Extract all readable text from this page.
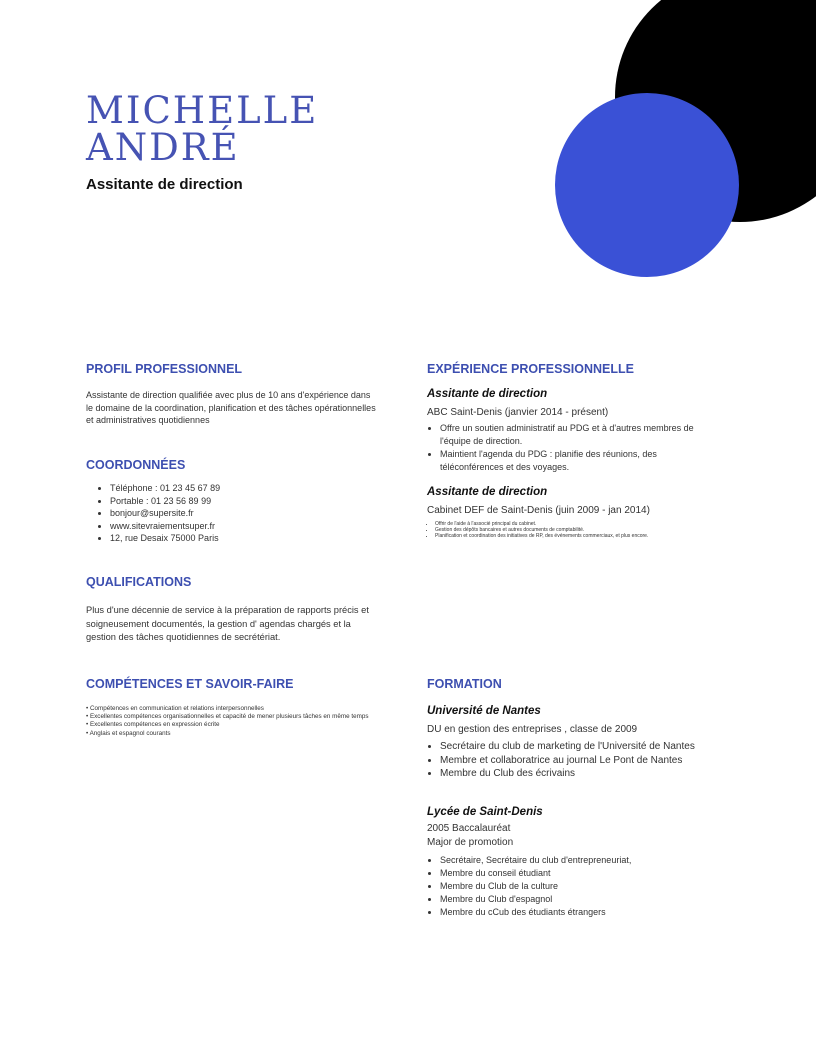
MICHELLE
ANDRÉ
Assitante de direction
PROFIL PROFESSIONNEL
Assistante de direction qualifiée avec plus de 10 ans d'expérience dans le domaine de la coordination, planification et des tâches opérationnelles et administratives quotidiennes
COORDONNÉES
• Téléphone : 01 23 45 67 89
• Portable : 01 23 56 89 99
• bonjour@supersite.fr
• www.sitevraiementsuper.fr
• 12, rue Desaix 75000 Paris
QUALIFICATIONS
Plus d'une décennie de service à la préparation de rapports précis et soigneusement documentés, la gestion d' agendas chargés et la gestion des tâches quotidiennes de secrétériat.
COMPÉTENCES ET SAVOIR-FAIRE
• Compétences en communication et relations interpersonnelles
• Excellentes compétences organisationnelles et capacité de mener plusieurs tâches en même temps
• Excellentes compétences en expression écrite
• Anglais et espagnol courants
EXPÉRIENCE PROFESSIONNELLE
Assitante de direction
ABC Saint-Denis (janvier 2014 - présent)
• Offre un soutien administratif au PDG et à d'autres membres de l'équipe de direction.
• Maintient l'agenda du PDG : planifie des réunions, des téléconférences et des voyages.
Assitante de direction
Cabinet DEF de Saint-Denis (juin 2009 - jan 2014)
• Offrir de l'aide à l'associé principal du cabinet.
• Gestion des dépôts bancaires et autres documents de comptabilité.
• Planification et coordination des initiatives de RP, des événements commerciaux, et plus encore.
FORMATION
Université de Nantes
DU en gestion des entreprises , classe de 2009
• Secrétaire du club de marketing de l'Université de Nantes
• Membre et collaboratrice au journal Le Pont de Nantes
• Membre du Club des écrivains
Lycée de Saint-Denis
2005 Baccalauréat
Major de promotion
• Secrétaire, Secrétaire du club d'entrepreneuriat,
• Membre du conseil étudiant
• Membre du Club de la culture
• Membre du Club d'espagnol
• Membre du cCub des étudiants étrangers
